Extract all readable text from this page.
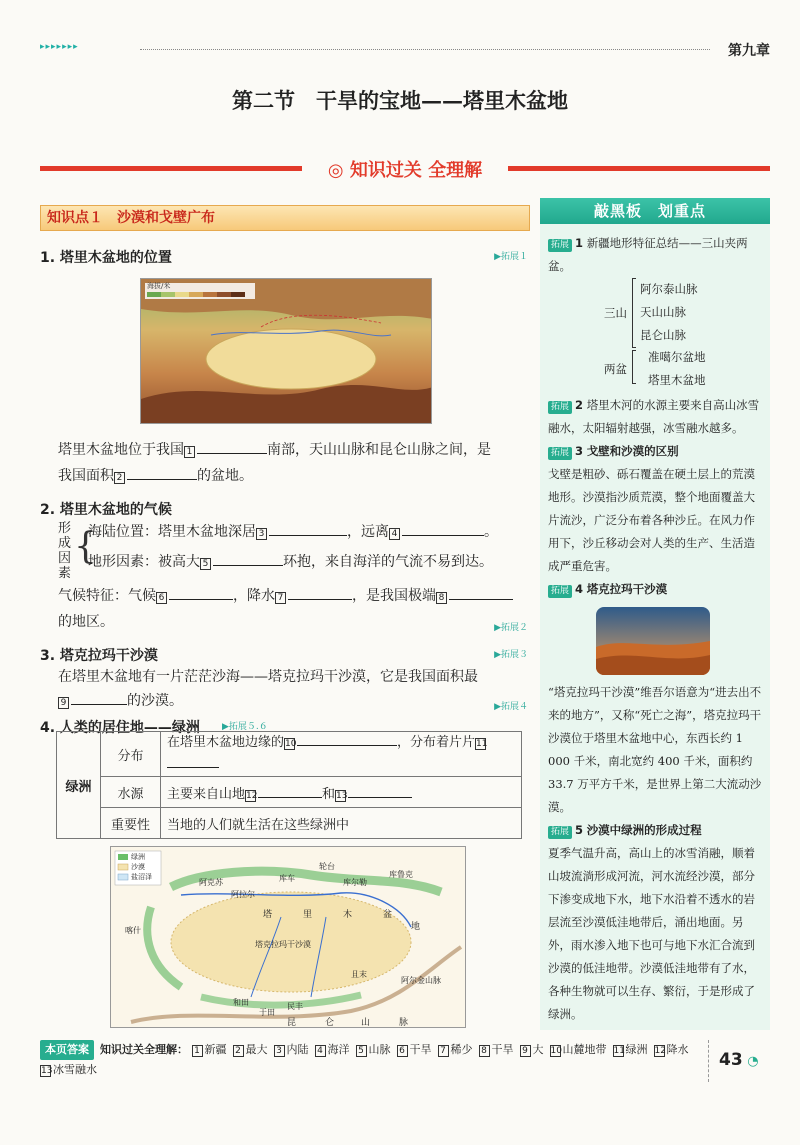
▸▸▸▸▸▸▸	第九章
第二节　干旱的宝地——塔里木盆地
◎ 知识过关 全理解
知识点１　沙漠和戈壁广布
1. 塔里木盆地的位置	▶拓展１
塔里木盆地位于我国 1	南部，天山山脉和昆仑山脉之间，是
我国面积 2	的盆地。
2. 塔里木盆地的气候
形成因素
{
海陆位置：塔里木盆地深居 3	，远离 4	。
地形因素：被高大 5	环抱，来自海洋的气流不易到达。
气候特征：气候 6	，降水 7	，是我国极端 8
的地区。	▶拓展２
3. 塔克拉玛干沙漠	▶拓展３
在塔里木盆地有一片茫茫沙海——塔克拉玛干沙漠，它是我国面积最
9	的沙漠。	▶拓展４
4. 人类的居住地——绿洲 ▶拓展５.６
海拔/米
绿洲	分布	在塔里木盆地边缘的10 ，分布着片片11

	水源	主要来自山地12 和13
	重要性	当地的人们就生活在这些绿洲中
绿洲
沙漠
盐沼泽
阿克苏
阿拉尔
库车
轮台
库尔勒
库鲁克
塔	里	木	盆
地
塔克拉玛干沙漠
且末
和田	民丰
于田
昆	仑	山	脉
阿尔金山脉
喀什
敲黑板　划重点
拓展 1 新疆地形特征总结——三山夹两盆。
三山
阿尔泰山脉
天山山脉
昆仑山脉
两盆
准噶尔盆地
塔里木盆地
拓展 2 塔里木河的水源主要来自高山冰雪融水，太阳辐射越强，冰雪融水越多。
拓展 3 戈壁和沙漠的区别
戈壁是粗砂、砾石覆盖在硬土层上的荒漠地形。沙漠指沙质荒漠，整个地面覆盖大片流沙，广泛分布着各种沙丘。在风力作用下，沙丘移动会对人类的生产、生活造成严重危害。
拓展 4 塔克拉玛干沙漠
“塔克拉玛干沙漠”维吾尔语意为“进去出不来的地方”，又称“死亡之海”，塔克拉玛干沙漠位于塔里木盆地中心，东西长约 1 000 千米，南北宽约 400 千米，面积约 33.7 万平方千米，是世界上第二大流动沙漠。
拓展 5 沙漠中绿洲的形成过程
夏季气温升高，高山上的冰雪消融，顺着山坡流淌形成河流，河水流经沙漠，部分下渗变成地下水，地下水沿着不透水的岩层流至沙漠低洼地带后，涌出地面。另外，雨水渗入地下也可与地下水汇合流到沙漠的低洼地带。沙漠低洼地带有了水，各种生物就可以生存、繁衍，于是形成了绿洲。
本页答案 知识过关全理解： 1 新疆 2 最大 3 内陆 4 海洋 5 山脉 6 干旱 7 稀少 8 干旱 9 大 10山麓地带 11绿洲 12降水13冰雪融水	43 ◔
